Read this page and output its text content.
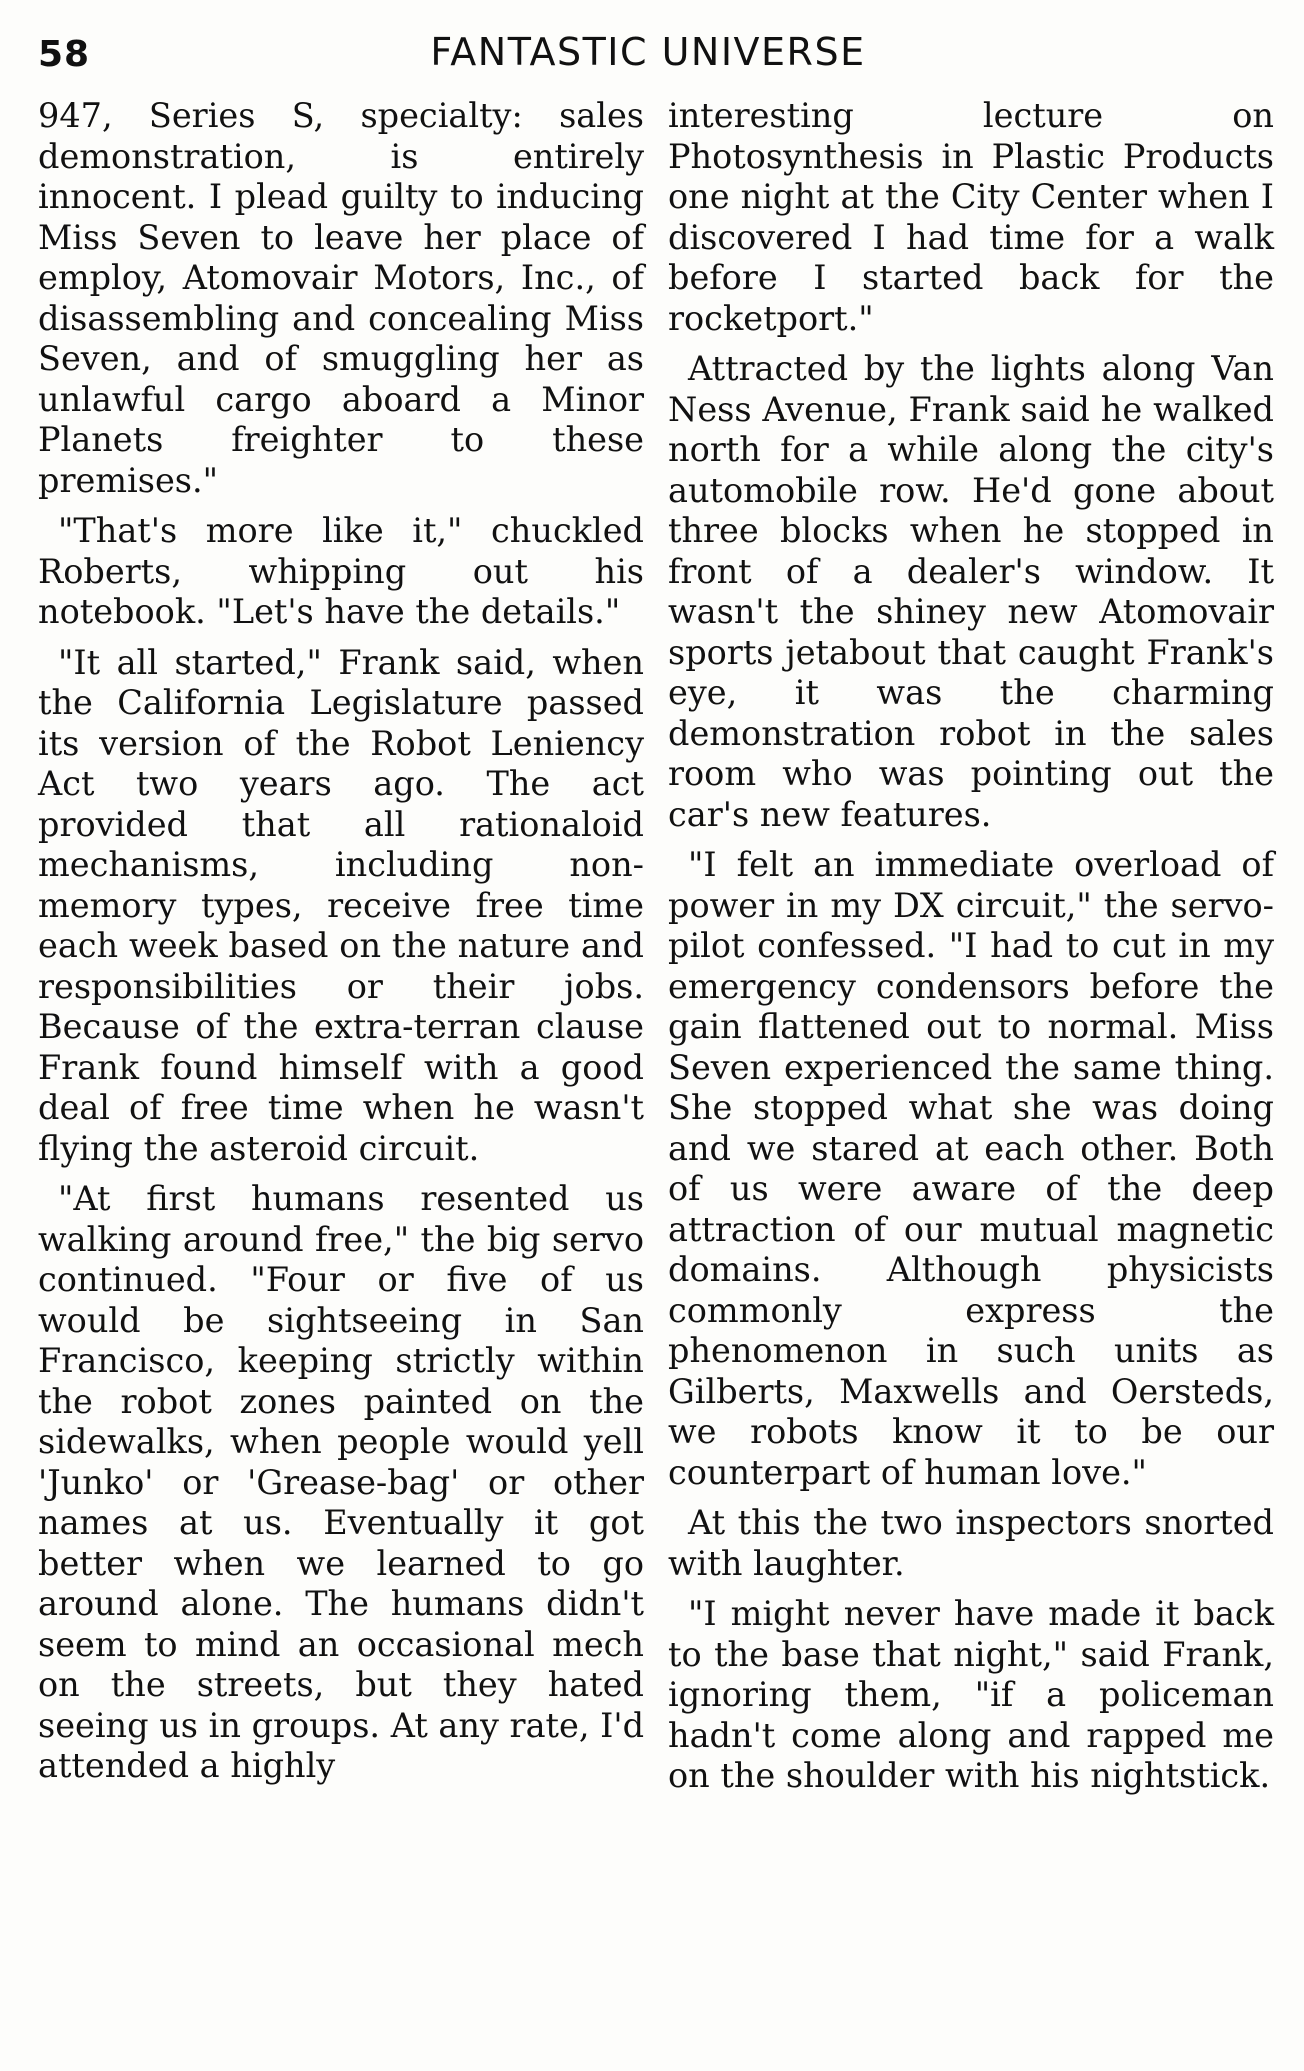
58	FANTASTIC UNIVERSE

947, Series S, specialty: sales demonstration, is entirely innocent. I plead guilty to inducing Miss Seven to leave her place of employ, Atomovair Motors, Inc., of disassembling and concealing Miss Seven, and of smuggling her as unlawful cargo aboard a Minor Planets freighter to these premises."

"That's more like it," chuckled Roberts, whipping out his notebook. "Let's have the details."

"It all started," Frank said, when the California Legislature passed its version of the Robot Leniency Act two years ago. The act provided that all rationaloid mechanisms, including non-memory types, receive free time each week based on the nature and responsibilities or their jobs. Because of the extra-terran clause Frank found himself with a good deal of free time when he wasn't flying the asteroid circuit.

"At first humans resented us walking around free," the big servo continued. "Four or five of us would be sightseeing in San Francisco, keeping strictly within the robot zones painted on the sidewalks, when people would yell 'Junko' or 'Grease-bag' or other names at us. Eventually it got better when we learned to go around alone. The humans didn't seem to mind an occasional mech on the streets, but they hated seeing us in groups. At any rate, I'd attended a highly

interesting lecture on Photosynthesis in Plastic Products one night at the City Center when I discovered I had time for a walk before I started back for the rocketport."

Attracted by the lights along Van Ness Avenue, Frank said he walked north for a while along the city's automobile row. He'd gone about three blocks when he stopped in front of a dealer's window. It wasn't the shiney new Atomovair sports jetabout that caught Frank's eye, it was the charming demonstration robot in the sales room who was pointing out the car's new features.

"I felt an immediate overload of power in my DX circuit," the servo-pilot confessed. "I had to cut in my emergency condensors before the gain flattened out to normal. Miss Seven experienced the same thing. She stopped what she was doing and we stared at each other. Both of us were aware of the deep attraction of our mutual magnetic domains. Although physicists commonly express the phenomenon in such units as Gilberts, Maxwells and Oersteds, we robots know it to be our counterpart of human love."

At this the two inspectors snorted with laughter.

"I might never have made it back to the base that night," said Frank, ignoring them, "if a policeman hadn't come along and rapped me on the shoulder with his nightstick.
